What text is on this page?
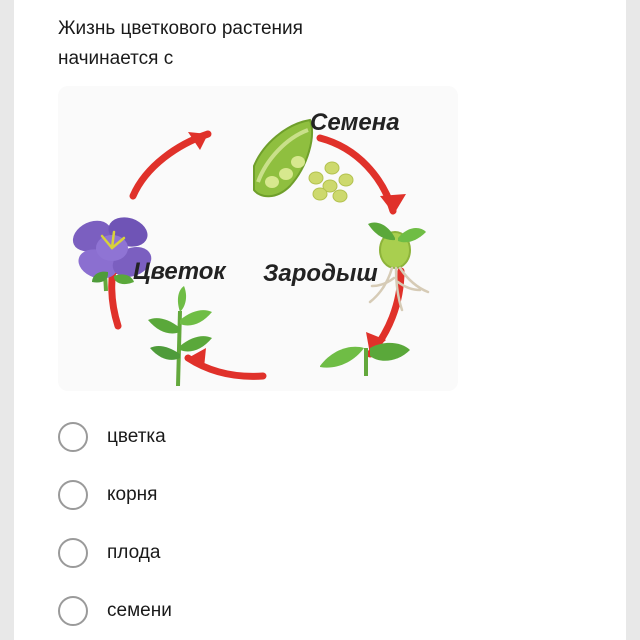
Жизнь цветкового растения
начинается с
Семена
Зародыш
Цветок
цветка
корня
плода
семени
